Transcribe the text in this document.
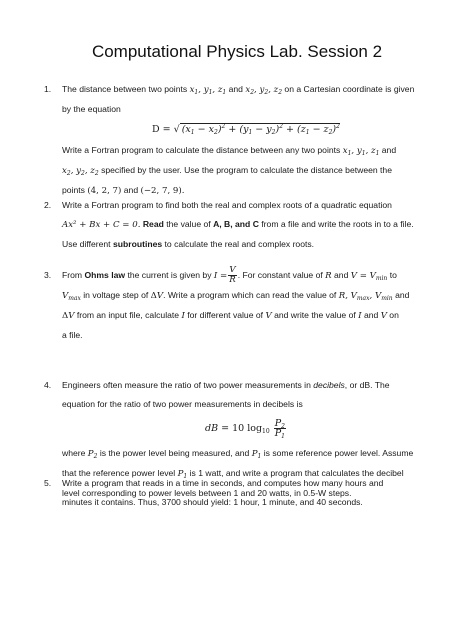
Computational Physics Lab. Session 2
1. The distance between two points $x_1$, $y_1$, $z_1$ and $x_2$, $y_2$, $z_2$ on a Cartesian coordinate is given
by the equation
D = √ $(x_1 - x_2)^2 + (y_1 - y_2)^2 + (z_1 - z_2)^2$
Write a Fortran program to calculate the distance between any two points $x_1$, $y_1$, $z_1$ and
$x_2$, $y_2$, $z_2$ specified by the user. Use the program to calculate the distance between the
points (4, 2, 7) and (−2, 7, 9).
2. Write a Fortran program to find both the real and complex roots of a quadratic equation
Ax² + Bx + C = 0. Read the value of A, B, and C from a file and write the roots in to a file.
Use different subroutines to calculate the real and complex roots.
3. From Ohms law the current is given by $I = \frac{V}{R}$ . For constant value of R and $V = V_{min}$ to
$V_{max}$ in voltage step of ΔV. Write a program which can read the value of R, $V_{max}$, $V_{min}$ and
ΔV from an input file, calculate I for different value of V and write the value of I and V on
a file.
4. Engineers often measure the ratio of two power measurements in decibels, or dB. The
equation for the ratio of two power measurements in decibels is
dB = 10 $\log_{10} \frac{P_2}{P_1}$
where $P_2$ is the power level being measured, and $P_1$ is some reference power level. Assume
that the reference power level $P_1$ is 1 watt, and write a program that calculates the decibel
level corresponding to power levels between 1 and 20 watts, in 0.5-W steps.
5. Write a program that reads in a time in seconds, and computes how many hours and
minutes it contains. Thus, 3700 should yield: 1 hour, 1 minute, and 40 seconds.
